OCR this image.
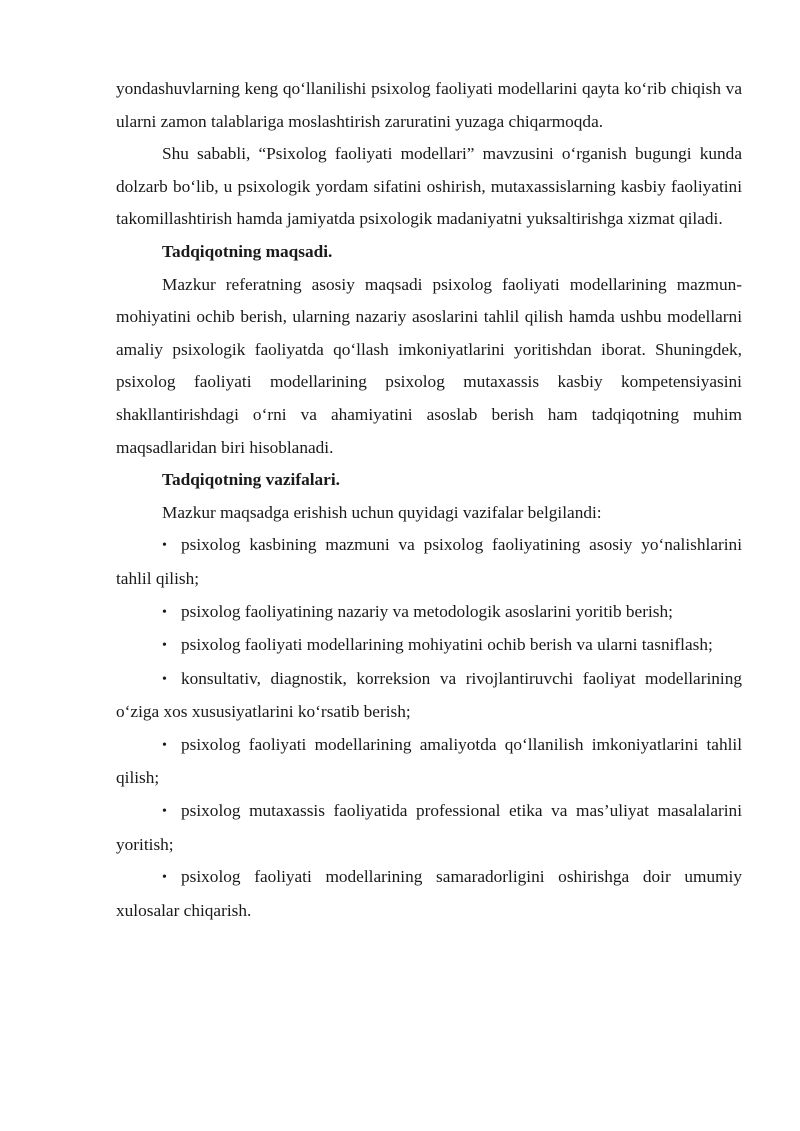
yondashuvlarning keng qo‘llanilishi psixolog faoliyati modellarini qayta ko‘rib chiqish va ularni zamon talablariga moslashtirish zaruratini yuzaga chiqarmoqda.

Shu sababli, “Psixolog faoliyati modellari” mavzusini o‘rganish bugungi kunda dolzarb bo‘lib, u psixologik yordam sifatini oshirish, mutaxassislarning kasbiy faoliyatini takomillashtirish hamda jamiyatda psixologik madaniyatni yuksaltirishga xizmat qiladi.

Tadqiqotning maqsadi.

Mazkur referatning asosiy maqsadi psixolog faoliyati modellarining mazmun-mohiyatini ochib berish, ularning nazariy asoslarini tahlil qilish hamda ushbu modellarni amaliy psixologik faoliyatda qo‘llash imkoniyatlarini yoritishdan iborat. Shuningdek, psixolog faoliyati modellarining psixolog mutaxassis kasbiy kompetensiyasini shakllantirishdagi o‘rni va ahamiyatini asoslab berish ham tadqiqotning muhim maqsadlaridan biri hisoblanadi.

Tadqiqotning vazifalari.

Mazkur maqsadga erishish uchun quyidagi vazifalar belgilandi:

• psixolog kasbining mazmuni va psixolog faoliyatining asosiy yo‘nalishlarini tahlil qilish;

• psixolog faoliyatining nazariy va metodologik asoslarini yoritib berish;

• psixolog faoliyati modellarining mohiyatini ochib berish va ularni tasniflash;

• konsultativ, diagnostik, korreksion va rivojlantiruvchi faoliyat modellarining o‘ziga xos xususiyatlarini ko‘rsatib berish;

• psixolog faoliyati modellarining amaliyotda qo‘llanilish imkoniyatlarini tahlil qilish;

• psixolog mutaxassis faoliyatida professional etika va mas’uliyat masalalarini yoritish;

• psixolog faoliyati modellarining samaradorligini oshirishga doir umumiy xulosalar chiqarish.
